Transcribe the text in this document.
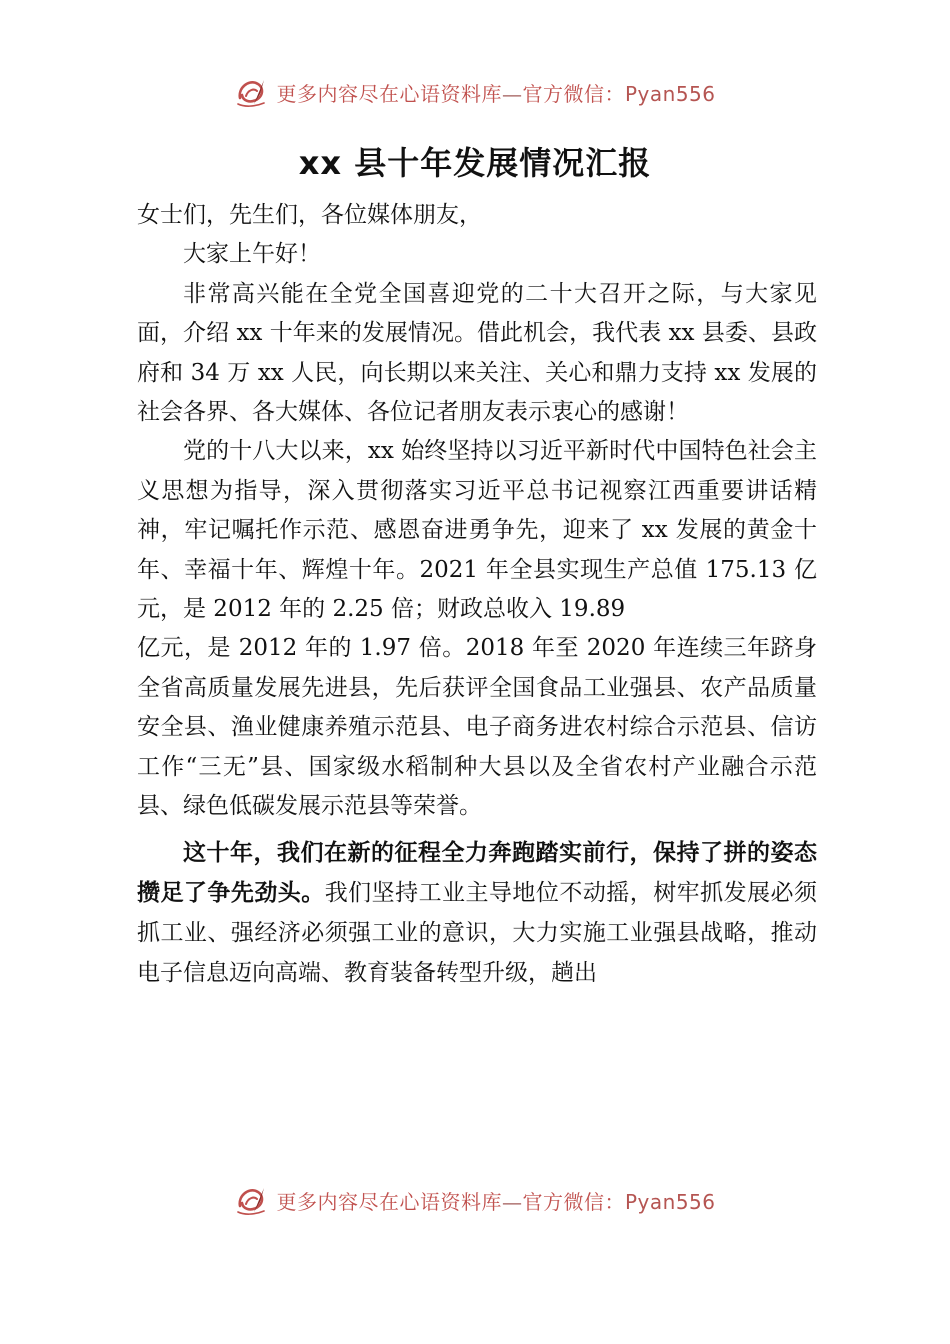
更多内容尽在心语资料库—官方微信：Pyan556
xx 县十年发展情况汇报

女士们，先生们，各位媒体朋友，

大家上午好！

非常高兴能在全党全国喜迎党的二十大召开之际，与大家见面，介绍 xx 十年来的发展情况。借此机会，我代表 xx 县委、县政府和 34 万 xx 人民，向长期以来关注、关心和鼎力支持 xx 发展的社会各界、各大媒体、各位记者朋友表示衷心的感谢！

党的十八大以来，xx 始终坚持以习近平新时代中国特色社会主义思想为指导，深入贯彻落实习近平总书记视察江西重要讲话精神，牢记嘱托作示范、感恩奋进勇争先，迎来了 xx 发展的黄金十年、幸福十年、辉煌十年。2021 年全县实现生产总值 175.13 亿元，是 2012 年的 2.25 倍；财政总收入 19.89

亿元，是 2012 年的 1.97 倍。2018 年至 2020 年连续三年跻身全省高质量发展先进县，先后获评全国食品工业强县、农产品质量安全县、渔业健康养殖示范县、电子商务进农村综合示范县、信访工作“三无”县、国家级水稻制种大县以及全省农村产业融合示范县、绿色低碳发展示范县等荣誉。

这十年，我们在新的征程全力奔跑踏实前行，保持了拼的姿态攒足了争先劲头。我们坚持工业主导地位不动摇，树牢抓发展必须抓工业、强经济必须强工业的意识，大力实施工业强县战略，推动电子信息迈向高端、教育装备转型升级，趟出

更多内容尽在心语资料库—官方微信：Pyan556
